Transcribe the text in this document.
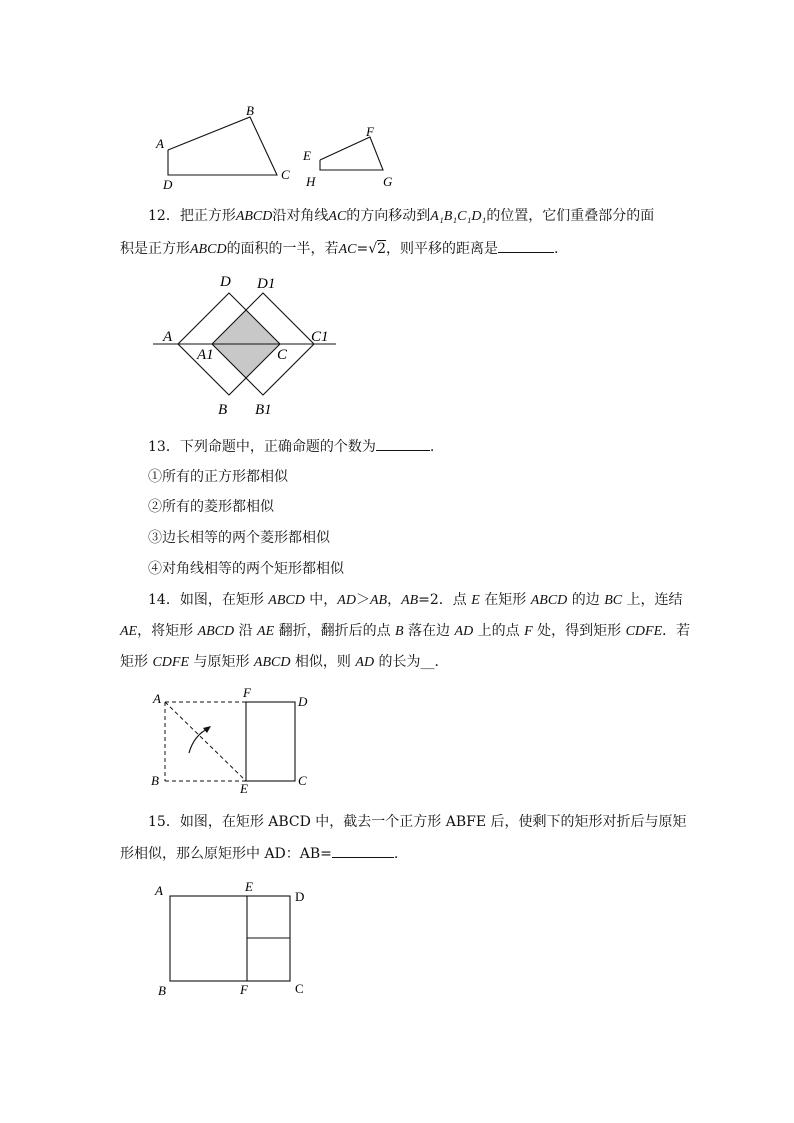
A
B
C
D
E
F
H	G
12．把正方形ABCD沿对角线AC的方向移动到A₁B₁C₁D₁的位置，它们重叠部分的面
积是正方形ABCD的面积的一半，若AC=√2，则平移的距离是	.
D D1
A
A1	C
C1
B B1
13．下列命题中，正确命题的个数为	.
①所有的正方形都相似
②所有的菱形都相似
③边长相等的两个菱形都相似
④对角线相等的两个矩形都相似
14．如图，在矩形 ABCD 中，AD＞AB，AB=2．点 E 在矩形 ABCD 的边 BC 上，连结
AE，将矩形 ABCD 沿 AE 翻折，翻折后的点 B 落在边 AD 上的点 F 处，得到矩形 CDFE．若
矩形 CDFE 与原矩形 ABCD 相似，则 AD 的长为__．
A	F
D
B
E
C
15．如图，在矩形 ABCD 中，截去一个正方形 ABFE 后，使剩下的矩形对折后与原矩
形相似，那么原矩形中 AD：AB=	.
A	E
D
B	F	C
